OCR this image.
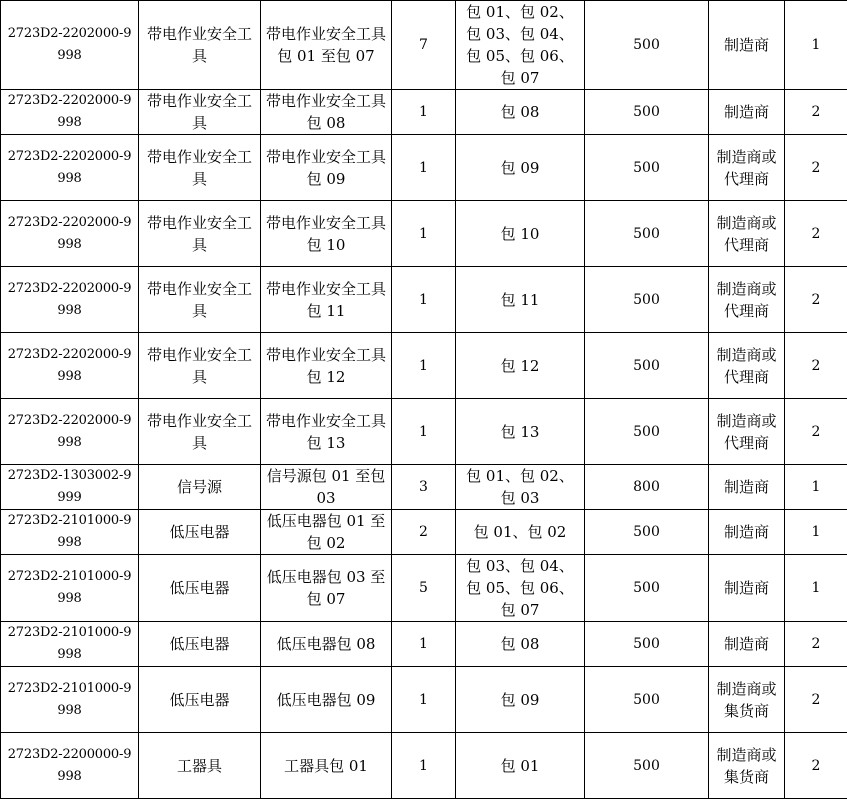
2723D2-2202000-9998	带电作业安全工具	带电作业安全工具包 01 至包 07	7	包 01、包 02、包 03、包 04、包 05、包 06、包 07	500	制造商	1
2723D2-2202000-9998	带电作业安全工具	带电作业安全工具包 08	1	包 08	500	制造商	2
2723D2-2202000-9998	带电作业安全工具	带电作业安全工具包 09	1	包 09	500	制造商或代理商	2
2723D2-2202000-9998	带电作业安全工具	带电作业安全工具包 10	1	包 10	500	制造商或代理商	2
2723D2-2202000-9998	带电作业安全工具	带电作业安全工具包 11	1	包 11	500	制造商或代理商	2
2723D2-2202000-9998	带电作业安全工具	带电作业安全工具包 12	1	包 12	500	制造商或代理商	2
2723D2-2202000-9998	带电作业安全工具	带电作业安全工具包 13	1	包 13	500	制造商或代理商	2
2723D2-1303002-9999	信号源	信号源包 01 至包 03	3	包 01、包 02、包 03	800	制造商	1
2723D2-2101000-9998	低压电器	低压电器包 01 至包 02	2	包 01、包 02	500	制造商	1
2723D2-2101000-9998	低压电器	低压电器包 03 至包 07	5	包 03、包 04、包 05、包 06、包 07	500	制造商	1
2723D2-2101000-9998	低压电器	低压电器包 08	1	包 08	500	制造商	2
2723D2-2101000-9998	低压电器	低压电器包 09	1	包 09	500	制造商或集货商	2
2723D2-2200000-9998	工器具	工器具包 01	1	包 01	500	制造商或集货商	2
